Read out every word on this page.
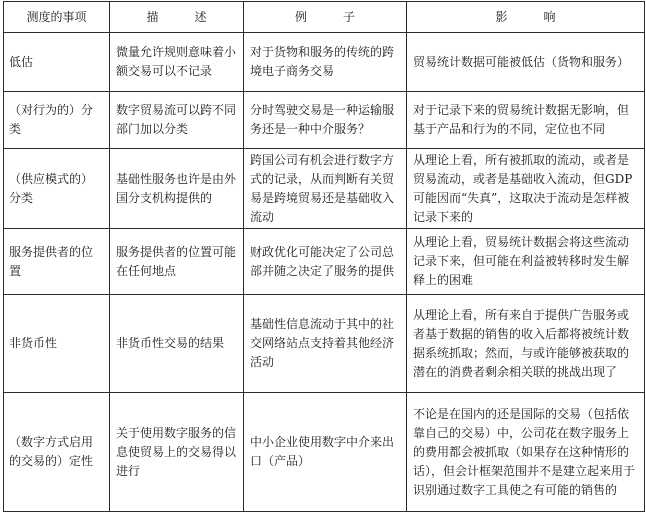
测度的事项	描　述	例　子	影　响
低估	微量允许规则意味着小额交易可以不记录	对于货物和服务的传统的跨境电子商务交易	贸易统计数据可能被低估（货物和服务）
（对行为的）分类	数字贸易流可以跨不同部门加以分类	分时驾驶交易是一种运输服务还是一种中介服务？	对于记录下来的贸易统计数据无影响，但基于产品和行为的不同，定位也不同
（供应模式的）分类	基础性服务也许是由外国分支机构提供的	跨国公司有机会进行数字方式的记录，从而判断有关贸易是跨境贸易还是基础收入流动	从理论上看，所有被抓取的流动，或者是贸易流动，或者是基础收入流动，但GDP可能因而“失真”，这取决于流动是怎样被记录下来的
服务提供者的位置	服务提供者的位置可能在任何地点	财政优化可能决定了公司总部并随之决定了服务的提供	从理论上看，贸易统计数据会将这些流动记录下来，但可能在利益被转移时发生解释上的困难
非货币性	非货币性交易的结果	基础性信息流动于其中的社交网络站点支持着其他经济活动	从理论上看，所有来自于提供广告服务或者基于数据的销售的收入后都将被统计数据系统抓取；然而，与或许能够被获取的潜在的消费者剩余相关联的挑战出现了
（数字方式启用的交易的）定性	关于使用数字服务的信息使贸易上的交易得以进行	中小企业使用数字中介来出口（产品）	不论是在国内的还是国际的交易（包括依靠自己的交易）中，公司花在数字服务上的费用都会被抓取（如果存在这种情形的话），但会计框架范围并不是建立起来用于识别通过数字工具使之有可能的销售的
